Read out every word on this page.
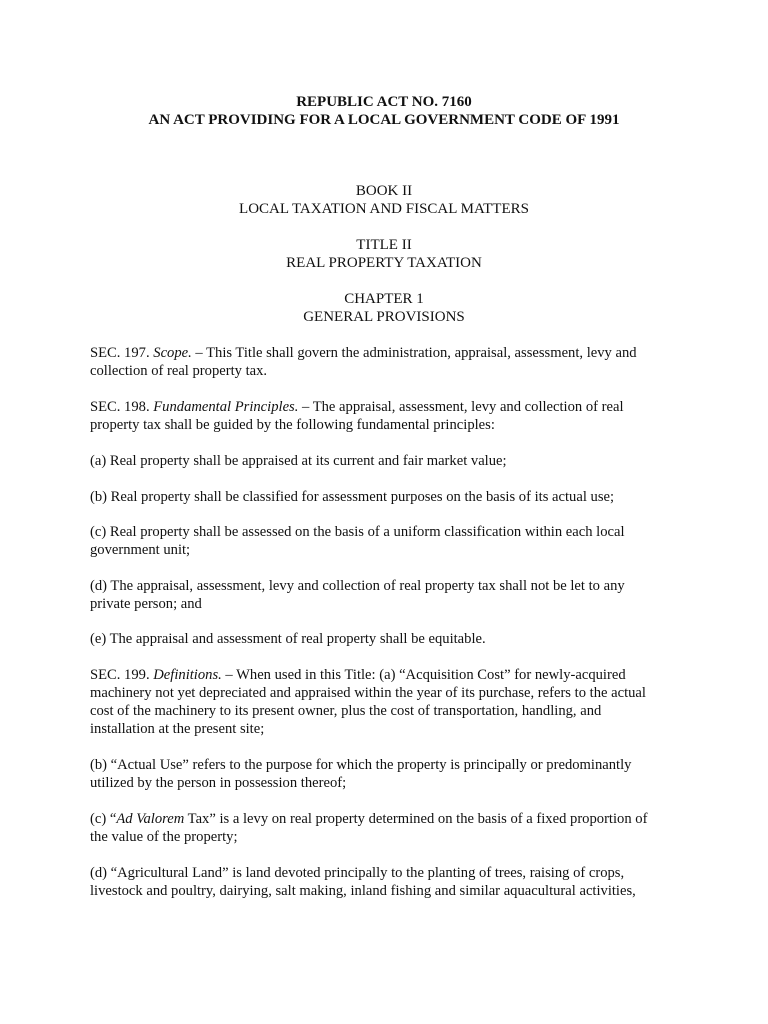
REPUBLIC ACT NO. 7160

AN ACT PROVIDING FOR A LOCAL GOVERNMENT CODE OF 1991

BOOK II

LOCAL TAXATION AND FISCAL MATTERS

TITLE II

REAL PROPERTY TAXATION

CHAPTER 1

GENERAL PROVISIONS

SEC. 197. Scope. – This Title shall govern the administration, appraisal, assessment, levy and

collection of real property tax.

SEC. 198. Fundamental Principles. – The appraisal, assessment, levy and collection of real

property tax shall be guided by the following fundamental principles:

(a) Real property shall be appraised at its current and fair market value;

(b) Real property shall be classified for assessment purposes on the basis of its actual use;

(c) Real property shall be assessed on the basis of a uniform classification within each local

government unit;

(d) The appraisal, assessment, levy and collection of real property tax shall not be let to any

private person; and

(e) The appraisal and assessment of real property shall be equitable.

SEC. 199. Definitions. – When used in this Title: (a) “Acquisition Cost” for newly-acquired

machinery not yet depreciated and appraised within the year of its purchase, refers to the actual

cost of the machinery to its present owner, plus the cost of transportation, handling, and

installation at the present site;

(b) “Actual Use” refers to the purpose for which the property is principally or predominantly

utilized by the person in possession thereof;

(c) “Ad Valorem Tax” is a levy on real property determined on the basis of a fixed proportion of

the value of the property;

(d) “Agricultural Land” is land devoted principally to the planting of trees, raising of crops,

livestock and poultry, dairying, salt making, inland fishing and similar aquacultural activities,
